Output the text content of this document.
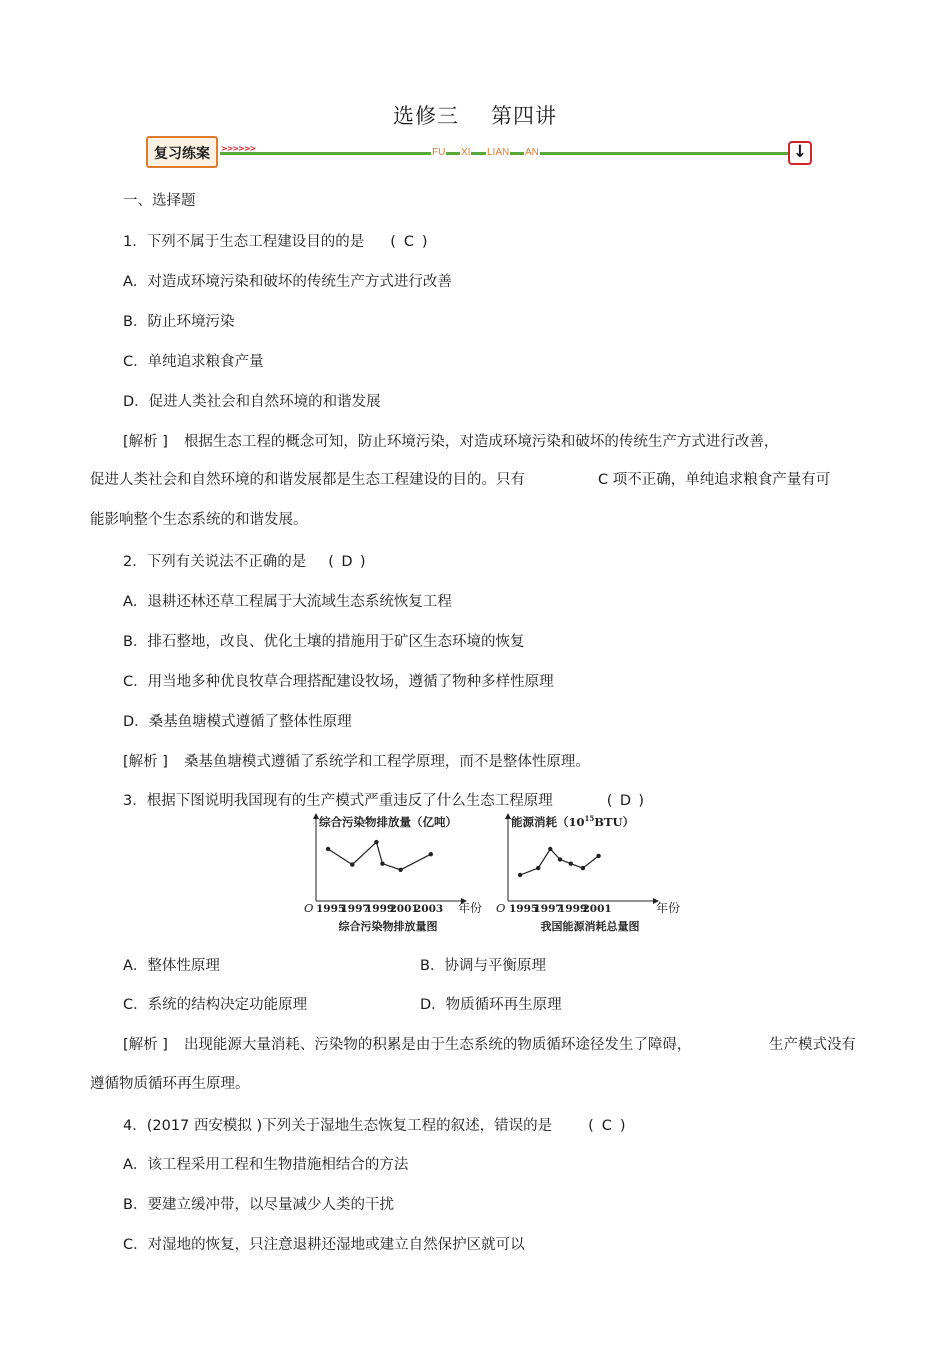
选修三 第四讲
复习练案	>>>>>>	FU XI LIAN AN	↓
一、选择题
1．下列不属于生态工程建设目的的是 ( C )
A．对造成环境污染和破坏的传统生产方式进行改善
B．防止环境污染
C．单纯追求粮食产量
D．促进人类社会和自然环境的和谐发展
[解析 ] 根据生态工程的概念可知，防止环境污染，对造成环境污染和破坏的传统生产方式进行改善，
促进人类社会和自然环境的和谐发展都是生态工程建设的目的。只有	C 项不正确，单纯追求粮食产量有可
能影响整个生态系统的和谐发展。
2．下列有关说法不正确的是 ( D )
A．退耕还林还草工程属于大流域生态系统恢复工程
B．排石整地，改良、优化土壤的措施用于矿区生态环境的恢复
C．用当地多种优良牧草合理搭配建设牧场，遵循了物种多样性原理
D．桑基鱼塘模式遵循了整体性原理
[解析 ] 桑基鱼塘模式遵循了系统学和工程学原理，而不是整体性原理。
3．根据下图说明我国现有的生产模式严重违反了什么生态工程原理	( D )
综合污染物排放量（亿吨）
O 1995
1997
1999
2001
2003 年份
综合污染物排放量图
能源消耗$(10^{15}BTU)$
O 1995
1997
1999
2001	年份
我国能源消耗总量图
A．整体性原理	B．协调与平衡原理
C．系统的结构决定功能原理	D．物质循环再生原理
[解析 ] 出现能源大量消耗、污染物的积累是由于生态系统的物质循环途径发生了障碍，	生产模式没有
遵循物质循环再生原理。
4．(2017 西安模拟 )下列关于湿地生态恢复工程的叙述，错误的是 ( C )
A．该工程采用工程和生物措施相结合的方法
B．要建立缓冲带，以尽量减少人类的干扰
C．对湿地的恢复，只注意退耕还湿地或建立自然保护区就可以
